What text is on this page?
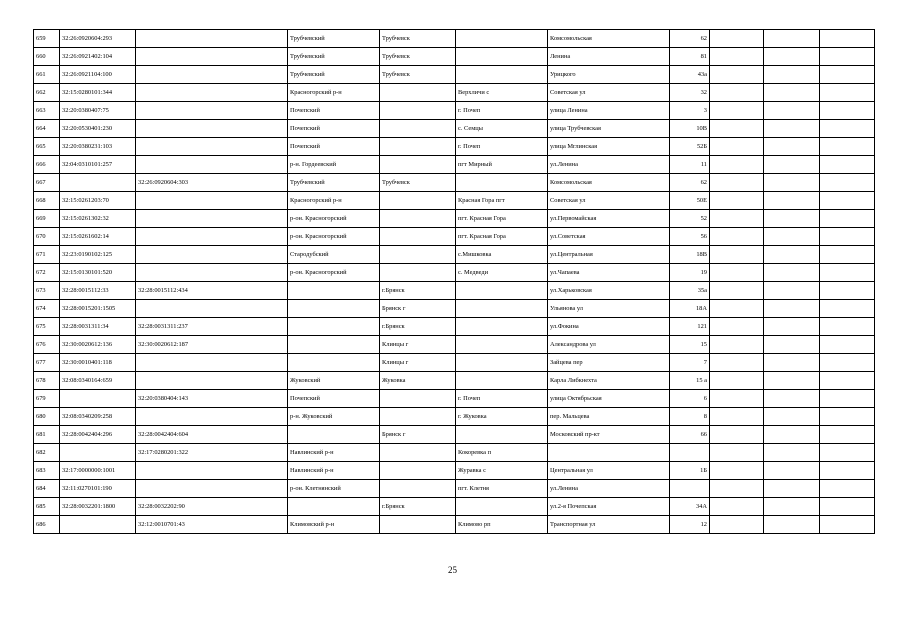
659	32:26:0920604:293		Трубчевский	Трубчевск		Комсомольская	62			
660	32:26:0921402:104		Трубчевский	Трубчевск		Ленина	81			
661	32:26:0921104:100		Трубчевский	Трубчевск		Урицкого	43а			
662	32:15:0280101:344		Красногорский р-н		Верхличи с	Советская ул	32			
663	32:20:0380407:75		Почепский		г. Почеп	улица Ленина	3			
664	32:20:0530401:230		Почепский		с. Семцы	улица Трубчевская	10В			
665	32:20:0380231:103		Почепский		г. Почеп	улица Мглинская	52Б			
666	32:04:0310101:257		р-н. Гордеевский		пгт Мирный	ул.Ленина	11			
667		32:26:0920604:303	Трубчевский	Трубчевск		Комсомольская	62			
668	32:15:0261203:70		Красногорский р-н		Красная Гора пгт	Советская ул	50Е			
669	32:15:0261302:32		р-он. Красногорский		пгт. Красная Гора	ул.Первомайская	52			
670	32:15:0261602:14		р-он. Красногорский		пгт. Красная Гора	ул.Советская	56			
671	32:23:0190102:125		Стародубский		с.Мишковка	ул.Центральная	18В			
672	32:15:0130101:520		р-он. Красногорский		с. Медведи	ул.Чапаева	19			
673	32:28:0015112:33	32:28:0015112:434		г.Брянск		ул.Харьковская	35а			
674	32:28:0015201:1505			Брянск г		Ульянова ул	18А			
675	32:28:0031311:34	32:28:0031311:237		г.Брянск		ул.Фокина	121			
676	32:30:0020612:136	32:30:0020612:187		Клинцы г		Александрова ул	15			
677	32:30:0010401:118			Клинцы г		Зайцева пер	7			
678	32:08:0340164:659		Жуковский	Жуковка		Карла Либкнехта	15 а			
679		32:20:0380404:143	Почепский		г. Почеп	улица Октябрьская	6			
680	32:08:0340209:258		р-н. Жуковский		г. Жуковка	пер. Мальцева	8			
681	32:28:0042404:296	32:28:0042404:604		Брянск г		Московский пр-кт	66			
682		32:17:0280201:322	Навлинский р-н		Кокоревка п					
683	32:17:0000000:1001		Навлинский р-н		Журавка с	Центральная ул	1Б			
684	32:11:0270101:190		р-он. Клетнянский		пгт. Клетня	ул.Ленина				
685	32:28:0032201:1800	32:28:0032202:90		г.Брянск		ул.2-я Почепская	34А			
686		32:12:0010701:43	Климовский р-н		Климово рп	Транспортная ул	12			
25
